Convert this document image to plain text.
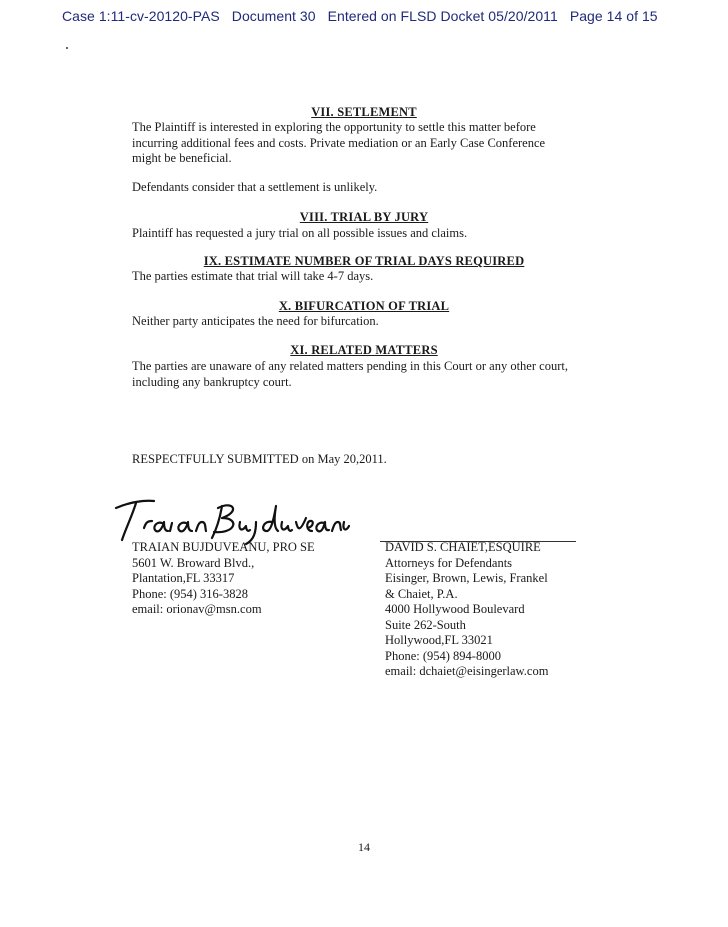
Case 1:11-cv-20120-PAS Document 30 Entered on FLSD Docket 05/20/2011 Page 14 of 15
VII. SETLEMENT
The Plaintiff is interested in exploring the opportunity to settle this matter before incurring additional fees and costs. Private mediation or an Early Case Conference might be beneficial.
Defendants consider that a settlement is unlikely.
VIII. TRIAL BY JURY
Plaintiff has requested a jury trial on all possible issues and claims.
IX. ESTIMATE NUMBER OF TRIAL DAYS REQUIRED
The parties estimate that trial will take 4-7 days.
X. BIFURCATION OF TRIAL
Neither party anticipates the need for bifurcation.
XI. RELATED MATTERS
The parties are unaware of any related matters pending in this Court or any other court, including any bankruptcy court.
RESPECTFULLY SUBMITTED on May 20,2011.
TRAIAN BUJDUVEANU, PRO SE
5601 W. Broward Blvd.,
Plantation,FL 33317
Phone: (954) 316-3828
email: orionav@msn.com
DAVID S. CHAIET,ESQUIRE
Attorneys for Defendants
Eisinger, Brown, Lewis, Frankel
& Chaiet, P.A.
4000 Hollywood Boulevard
Suite 262-South
Hollywood,FL 33021
Phone: (954) 894-8000
email: dchaiet@eisingerlaw.com
14
